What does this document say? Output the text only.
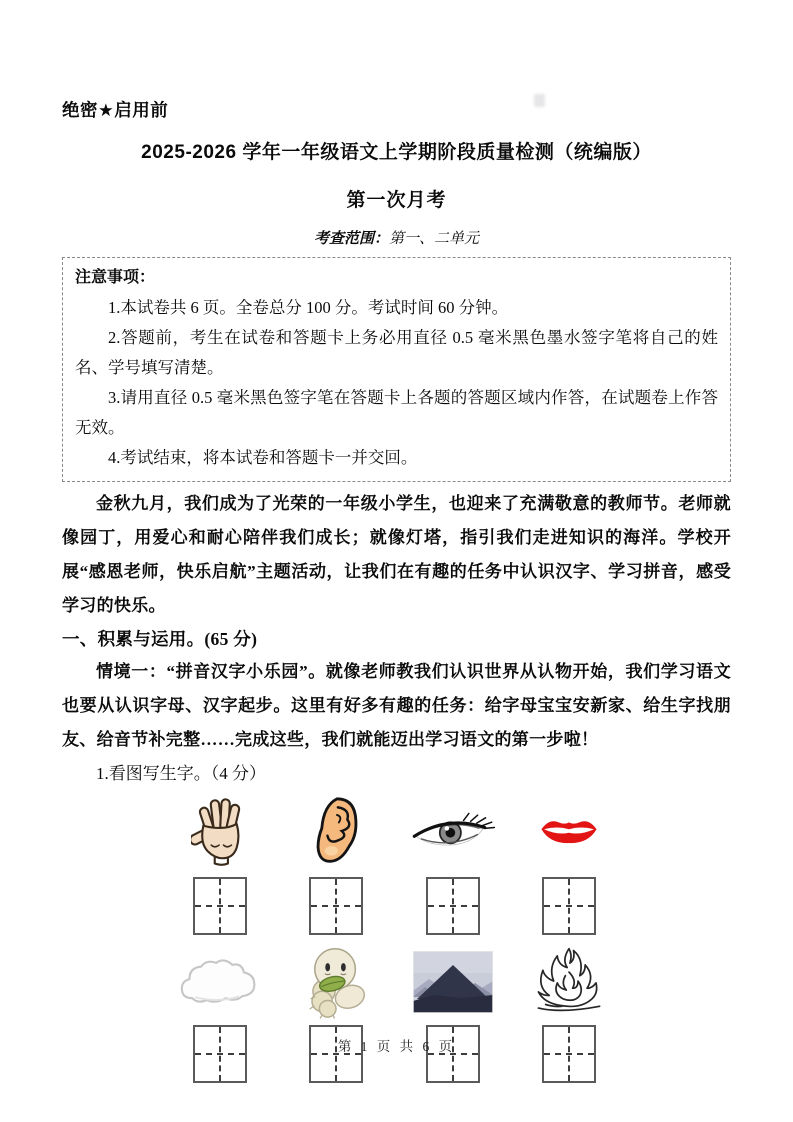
绝密★启用前
2025-2026 学年一年级语文上学期阶段质量检测（统编版）
第一次月考
考查范围：第一、二单元
注意事项：

1.本试卷共 6 页。全卷总分 100 分。考试时间 60 分钟。

2.答题前，考生在试卷和答题卡上务必用直径 0.5 毫米黑色墨水签字笔将自己的姓名、学号填写清楚。

3.请用直径 0.5 毫米黑色签字笔在答题卡上各题的答题区域内作答，在试题卷上作答无效。

4.考试结束，将本试卷和答题卡一并交回。

金秋九月，我们成为了光荣的一年级小学生，也迎来了充满敬意的教师节。老师就像园丁，用爱心和耐心陪伴我们成长；就像灯塔，指引我们走进知识的海洋。学校开展“感恩老师，快乐启航”主题活动，让我们在有趣的任务中认识汉字、学习拼音，感受学习的快乐。

一、积累与运用。(65 分)

情境一：“拼音汉字小乐园”。就像老师教我们认识世界从认物开始，我们学习语文也要从认识字母、汉字起步。这里有好多有趣的任务：给字母宝宝安新家、给生字找朋友、给音节补完整……完成这些，我们就能迈出学习语文的第一步啦！

1.看图写生字。（4 分）

第 1 页 共 6 页
